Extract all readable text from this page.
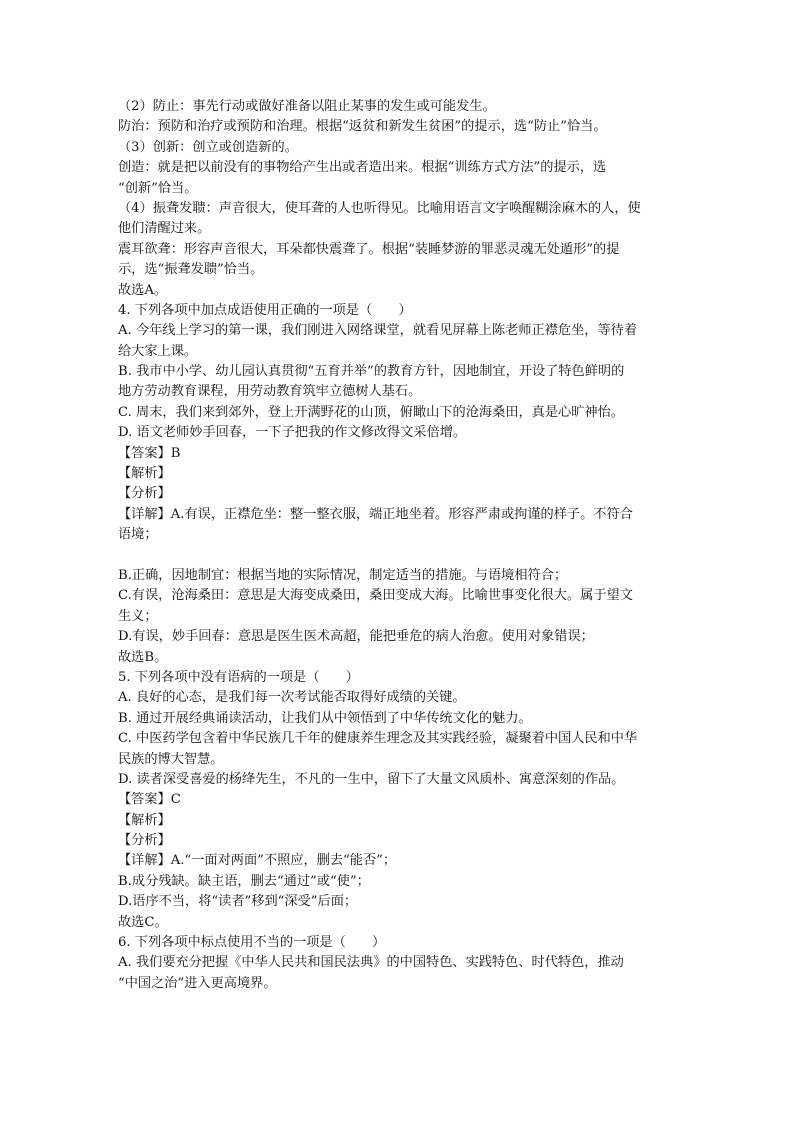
（2）防止：事先行动或做好准备以阻止某事的发生或可能发生。
防治：预防和治疗或预防和治理。根据“返贫和新发生贫困”的提示，选“防止”恰当。
（3）创新：创立或创造新的。
创造：就是把以前没有的事物给产生出或者造出来。根据“训练方式方法”的提示，选
“创新”恰当。
（4）振聋发聩：声音很大，使耳聋的人也听得见。比喻用语言文字唤醒糊涂麻木的人，使
他们清醒过来。
震耳欲聋：形容声音很大，耳朵都快震聋了。根据“装睡梦游的罪恶灵魂无处遁形”的提
示，选“振聋发聩”恰当。
故选A。
4. 下列各项中加点成语使用正确的一项是（　　）
A. 今年线上学习的第一课，我们刚进入网络课堂，就看见屏幕上陈老师正襟危坐，等待着
给大家上课。
B. 我市中小学、幼儿园认真贯彻“五育并举”的教育方针，因地制宜，开设了特色鲜明的
地方劳动教育课程，用劳动教育筑牢立德树人基石。
C. 周末，我们来到郊外，登上开满野花的山顶，俯瞰山下的沧海桑田，真是心旷神怡。
D. 语文老师妙手回春，一下子把我的作文修改得文采倍增。
【答案】B
【解析】
【分析】
【详解】A.有误，正襟危坐：整一整衣服，端正地坐着。形容严肃或拘谨的样子。不符合
语境；
B.正确，因地制宜：根据当地的实际情况，制定适当的措施。与语境相符合；
C.有误，沧海桑田：意思是大海变成桑田，桑田变成大海。比喻世事变化很大。属于望文
生义；
D.有误，妙手回春：意思是医生医术高超，能把垂危的病人治愈。使用对象错误；
故选B。
5. 下列各项中没有语病的一项是（　　）
A. 良好的心态，是我们每一次考试能否取得好成绩的关键。
B. 通过开展经典诵读活动，让我们从中领悟到了中华传统文化的魅力。
C. 中医药学包含着中华民族几千年的健康养生理念及其实践经验，凝聚着中国人民和中华
民族的博大智慧。
D. 读者深受喜爱的杨绛先生，不凡的一生中，留下了大量文风质朴、寓意深刻的作品。
【答案】C
【解析】
【分析】
【详解】A.“一面对两面”不照应，删去“能否”；
B.成分残缺。缺主语，删去“通过”或“使”；
D.语序不当，将“读者”移到“深受”后面；
故选C。
6. 下列各项中标点使用不当的一项是（　　）
A. 我们要充分把握《中华人民共和国民法典》的中国特色、实践特色、时代特色，推动
“中国之治”进入更高境界。
